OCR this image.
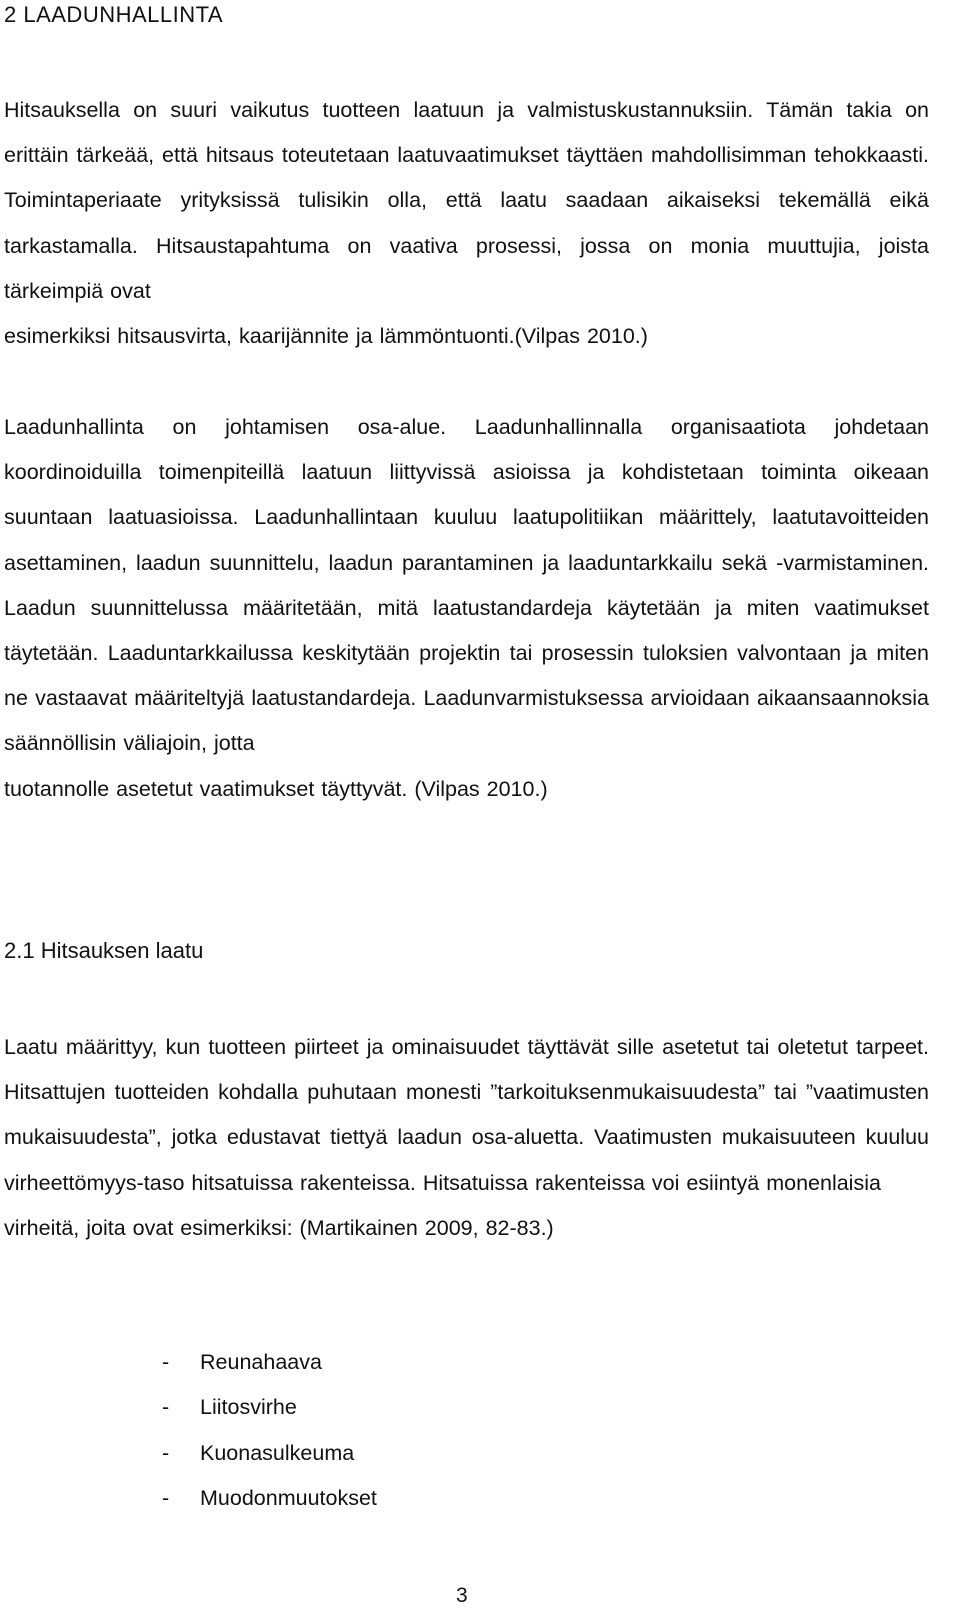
2 LAADUNHALLINTA

Hitsauksella on suuri vaikutus tuotteen laatuun ja valmistuskustannuksiin. Tämän takia on erittäin tärkeää, että hitsaus toteutetaan laatuvaatimukset täyttäen mahdollisimman tehokkaasti. Toimintaperiaate yrityksissä tulisikin olla, että laatu saadaan aikaiseksi tekemällä eikä tarkastamalla. Hitsaustapahtuma on vaativa prosessi, jossa on monia muuttujia, joista tärkeimpiä ovat
esimerkiksi hitsausvirta, kaarijännite ja lämmöntuonti.(Vilpas 2010.)

Laadunhallinta on johtamisen osa-alue. Laadunhallinnalla organisaatiota johdetaan koordinoiduilla toimenpiteillä laatuun liittyvissä asioissa ja kohdistetaan toiminta oikeaan suuntaan laatuasioissa. Laadunhallintaan kuuluu laatupolitiikan määrittely, laatutavoitteiden asettaminen, laadun suunnittelu, laadun parantaminen ja laaduntarkkailu sekä -varmistaminen. Laadun suunnittelussa määritetään, mitä laatustandardeja käytetään ja miten vaatimukset täytetään. Laaduntarkkailussa keskitytään projektin tai prosessin tuloksien valvontaan ja miten ne vastaavat määriteltyjä laatustandardeja. Laadunvarmistuksessa arvioidaan aikaansaannoksia säännöllisin väliajoin, jotta
tuotannolle asetetut vaatimukset täyttyvät. (Vilpas 2010.)

2.1 Hitsauksen laatu

Laatu määrittyy, kun tuotteen piirteet ja ominaisuudet täyttävät sille asetetut tai oletetut tarpeet. Hitsattujen tuotteiden kohdalla puhutaan monesti ”tarkoituksenmukaisuudesta” tai ”vaatimusten mukaisuudesta”, jotka edustavat tiettyä laadun osa-aluetta. Vaatimusten mukaisuuteen kuuluu virheettömyys-taso hitsatuissa rakenteissa. Hitsatuissa rakenteissa voi esiintyä monenlaisia
virheitä, joita ovat esimerkiksi: (Martikainen 2009, 82-83.)

-	Reunahaava
-	Liitosvirhe
-	Kuonasulkeuma
-	Muodonmuutokset
3
